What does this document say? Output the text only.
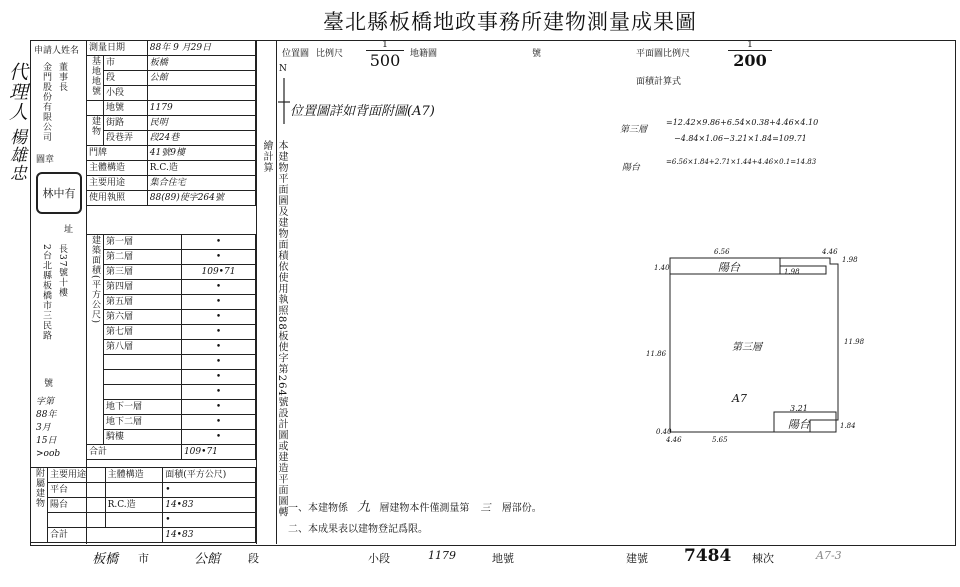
臺北縣板橋地政事務所建物測量成果圖
代理人
楊雄忠
申請人姓名
金門股份有限公司 董事長
圖章
林中有
址
2台北縣板橋市三民路 長37號十樓
號
字第
88年
3月
15日
>oob
測量日期		88年 9 月29日
基地地號	市	板橋
	段	公館
	小段	
	地號	1179
建物	街路	民明
	段巷弄	段24巷
門牌		41號9樓
主體構造		R.C.造
主要用途		集合住宅
使用執照		88(89)使字264號
建築面積(平方公尺)	第一層	•
	第二層	•
	第三層	109•71
	第四層	•
	第五層	•
	第六層	•
	第七層	•
	第八層	•
		•
		•
		•
	地下一層	•
	地下二層	•
	騎樓	•
合計		109•71
附屬建物	主要用途	主體構造	面積(平方公尺)
	平台		•
	陽台	R.C.造	14•83
			•
	合計		14•83
本建物平面圖及建物面積依使用執照88板使字第264號設計圖或建造平面圖轉繪計算
位置圖 比例尺
1
500	地籍圖	號
N
位置圖詳如背面附圖(A7)
平面圖比例尺
1
200
面積計算式
第三層
=12.42×9.86+6.54×0.38+4.46×4.10
−4.84×1.06−3.21×1.84=109.71
陽台
=6.56×1.84+2.71×1.44+4.46×0.1=14.83
陽台
第三層
A7
陽台
6.56	4.46
1.98
1.40
11.86
11.98
5.65
4.46
3.21
1.98
0.40
1.84
一、本建物係 九 層建物本件僅測量第 三 層部份。
二、本成果表以建物登記爲限。
板橋 市	公館	段	小段	1179	地號	建號 7484 棟次	A7-3
